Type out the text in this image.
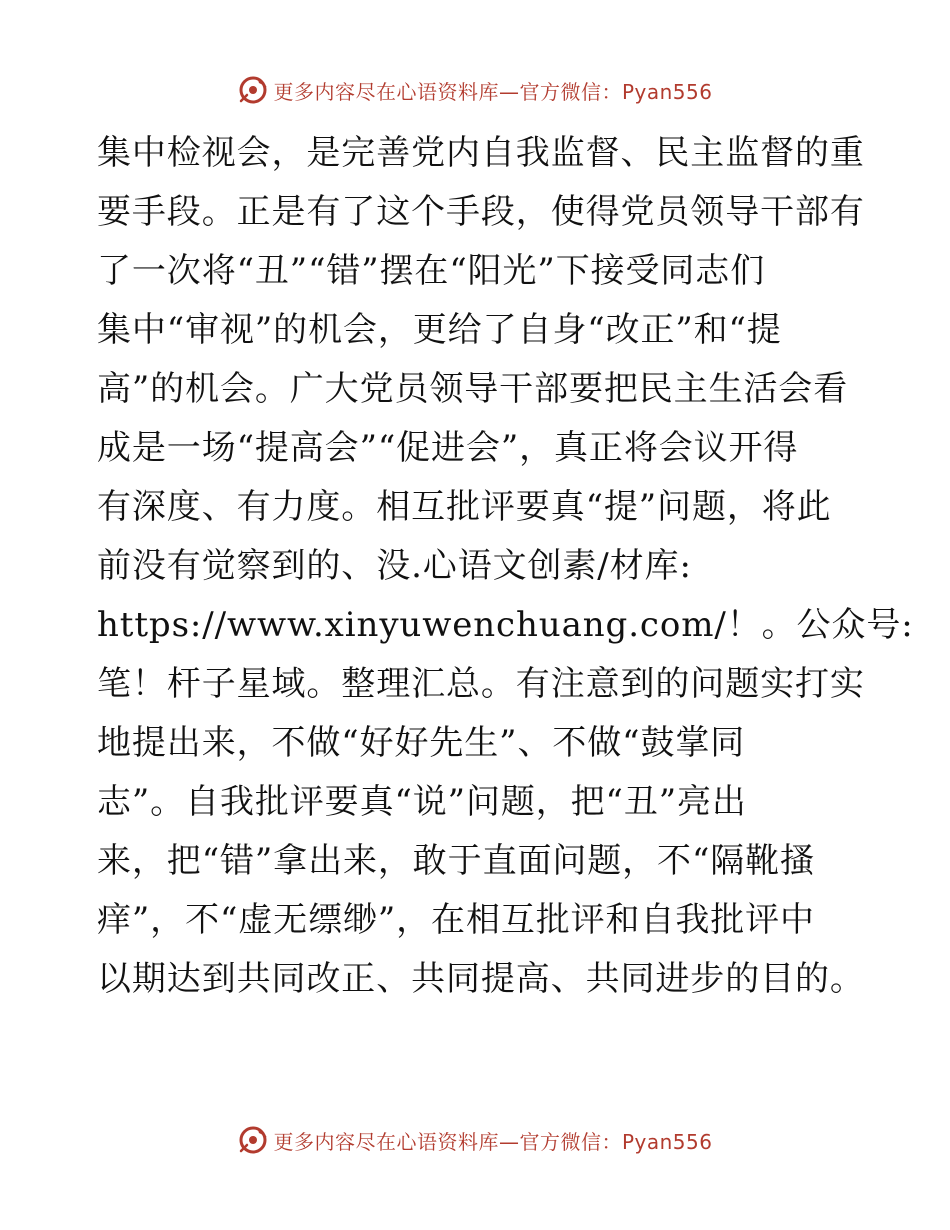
更多内容尽在心语资料库—官方微信：Pyan556
集中检视会，是完善党内自我监督、民主监督的重
要手段。正是有了这个手段，使得党员领导干部有
了一次将“丑”“错”摆在“阳光”下接受同志们
集中“审视”的机会，更给了自身“改正”和“提
高”的机会。广大党员领导干部要把民主生活会看
成是一场“提高会”“促进会”，真正将会议开得
有深度、有力度。相互批评要真“提”问题，将此
前没有觉察到的、没.心语文创素/材库:
https://www.xinyuwenchuang.com/！。公众号:
笔！杆子星域。整理汇总。有注意到的问题实打实
地提出来，不做“好好先生”、不做“鼓掌同
志”。自我批评要真“说”问题，把“丑”亮出
来，把“错”拿出来，敢于直面问题，不“隔靴搔
痒”，不“虚无缥缈”，在相互批评和自我批评中
以期达到共同改正、共同提高、共同进步的目的。
更多内容尽在心语资料库—官方微信：Pyan556
